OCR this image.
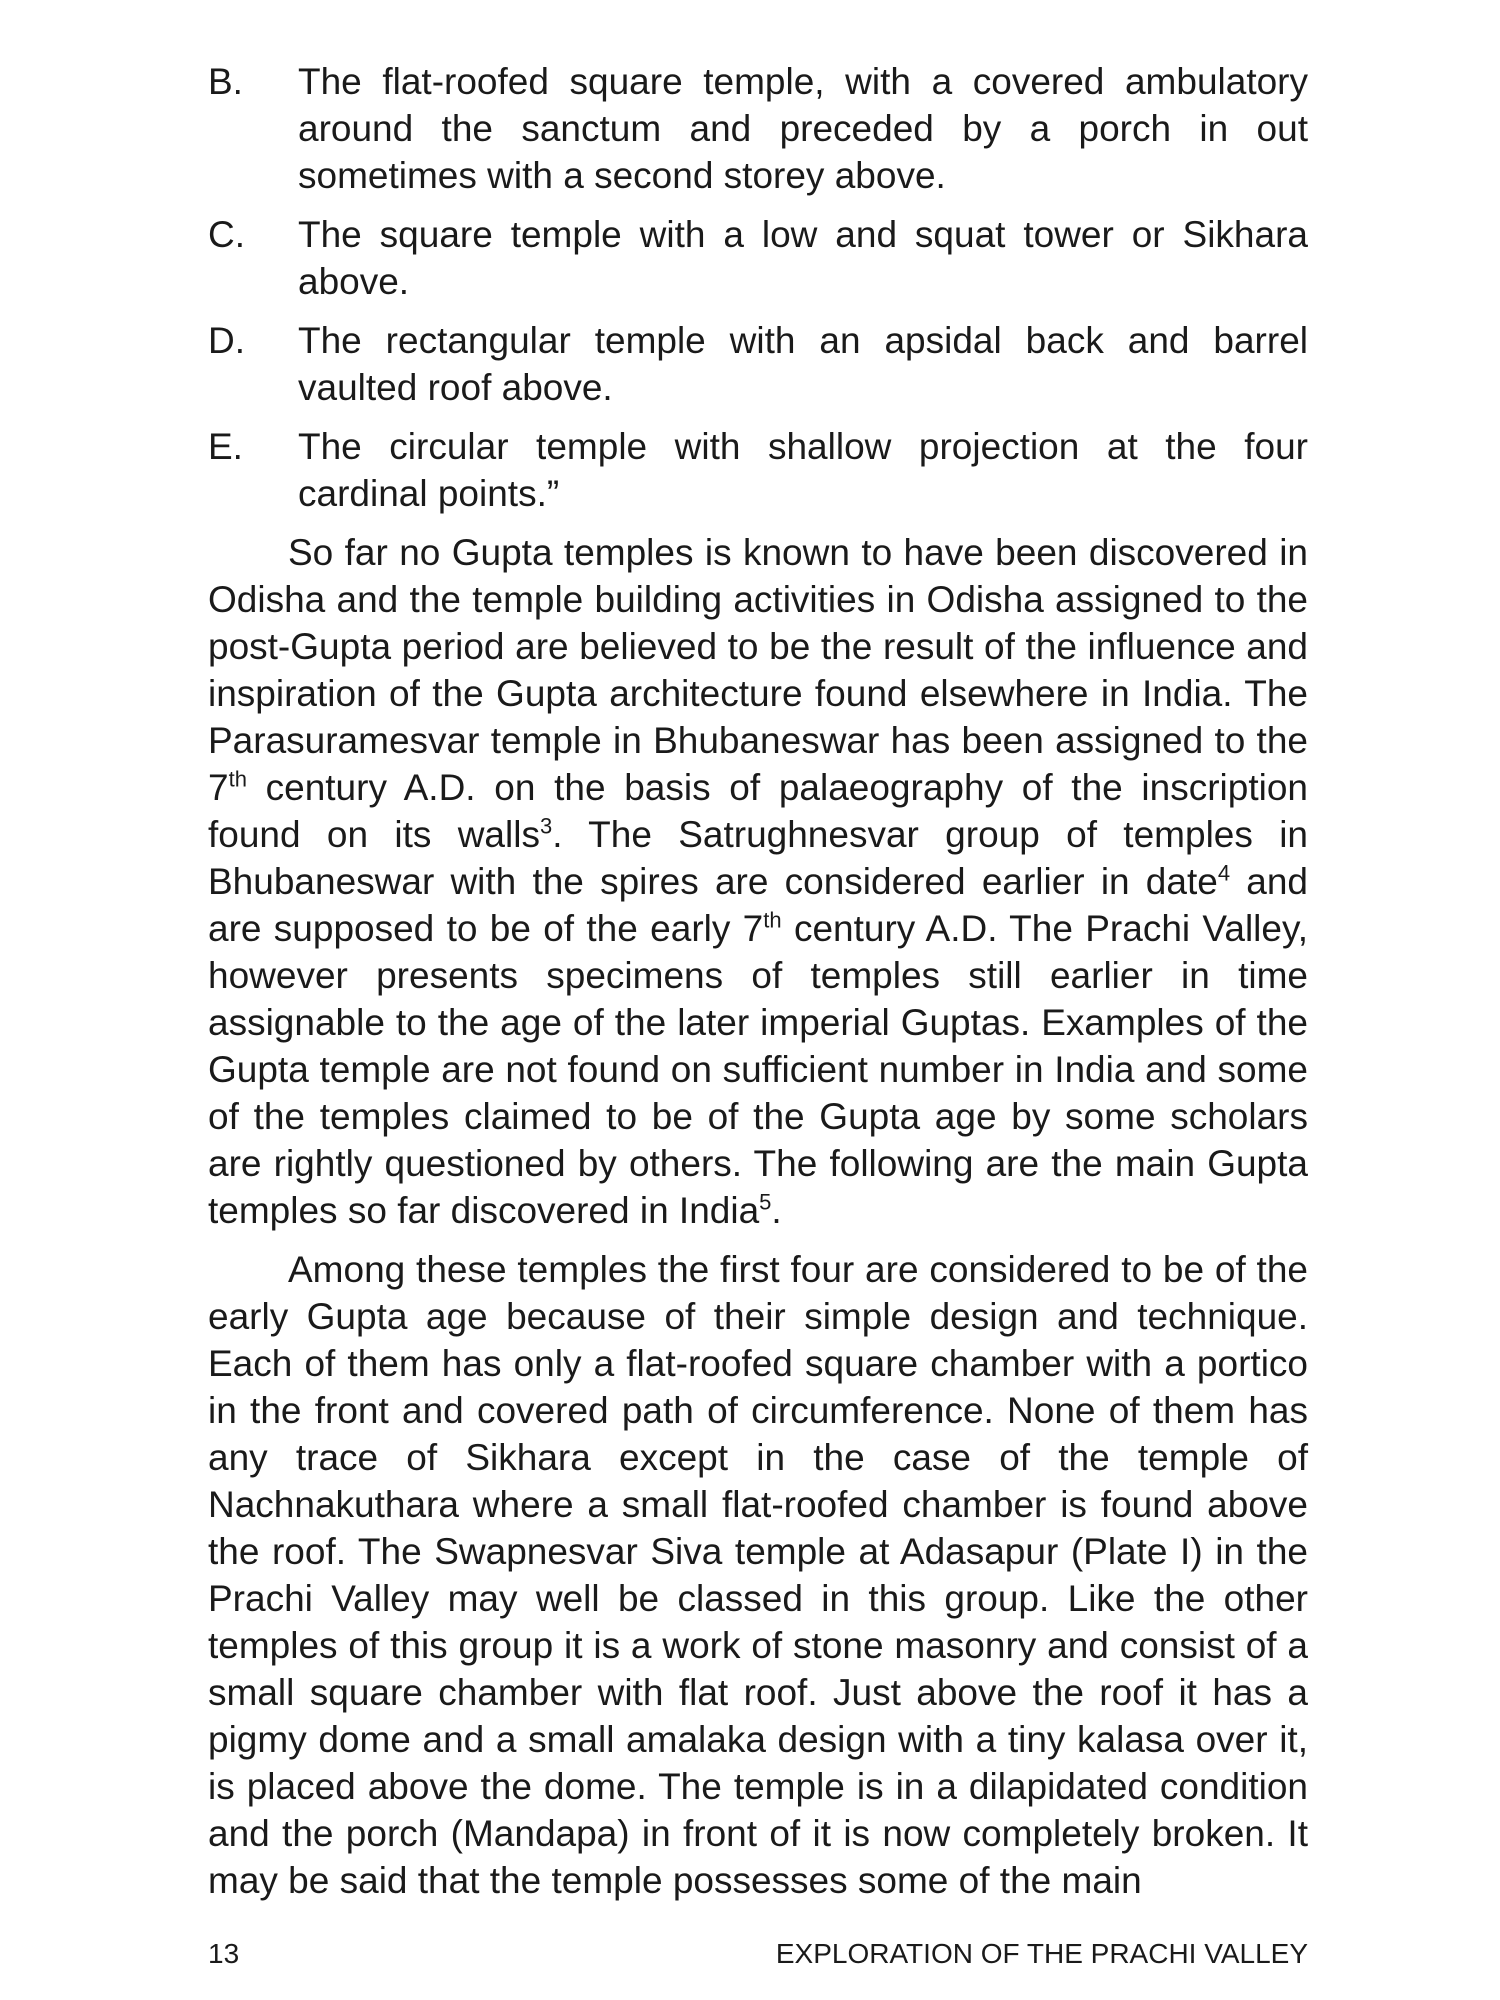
B.	The flat-roofed square temple, with a covered ambulatory around the sanctum and preceded by a porch in out sometimes with a second storey above.
C.	The square temple with a low and squat tower or Sikhara above.
D.	The rectangular temple with an apsidal back and barrel vaulted roof above.
E.	The circular temple with shallow projection at the four cardinal points.”

So far no Gupta temples is known to have been discovered in Odisha and the temple building activities in Odisha assigned to the post-Gupta period are believed to be the result of the influence and inspiration of the Gupta architecture found elsewhere in India. The Parasuramesvar temple in Bhubaneswar has been assigned to the 7th century A.D. on the basis of palaeography of the inscription found on its walls$^3$. The Satrughnesvar group of temples in Bhubaneswar with the spires are considered earlier in date$^4$ and are supposed to be of the early 7th century A.D. The Prachi Valley, however presents specimens of temples still earlier in time assignable to the age of the later imperial Guptas. Examples of the Gupta temple are not found on sufficient number in India and some of the temples claimed to be of the Gupta age by some scholars are rightly questioned by others. The following are the main Gupta temples so far discovered in India$^5$.

Among these temples the first four are considered to be of the early Gupta age because of their simple design and technique. Each of them has only a flat-roofed square chamber with a portico in the front and covered path of circumference. None of them has any trace of Sikhara except in the case of the temple of Nachnakuthara where a small flat-roofed chamber is found above the roof. The Swapnesvar Siva temple at Adasapur (Plate I) in the Prachi Valley may well be classed in this group. Like the other temples of this group it is a work of stone masonry and consist of a small square chamber with flat roof. Just above the roof it has a pigmy dome and a small amalaka design with a tiny kalasa over it, is placed above the dome. The temple is in a dilapidated condition and the porch (Mandapa) in front of it is now completely broken. It may be said that the temple possesses some of the main

13	EXPLORATION OF THE PRACHI VALLEY
